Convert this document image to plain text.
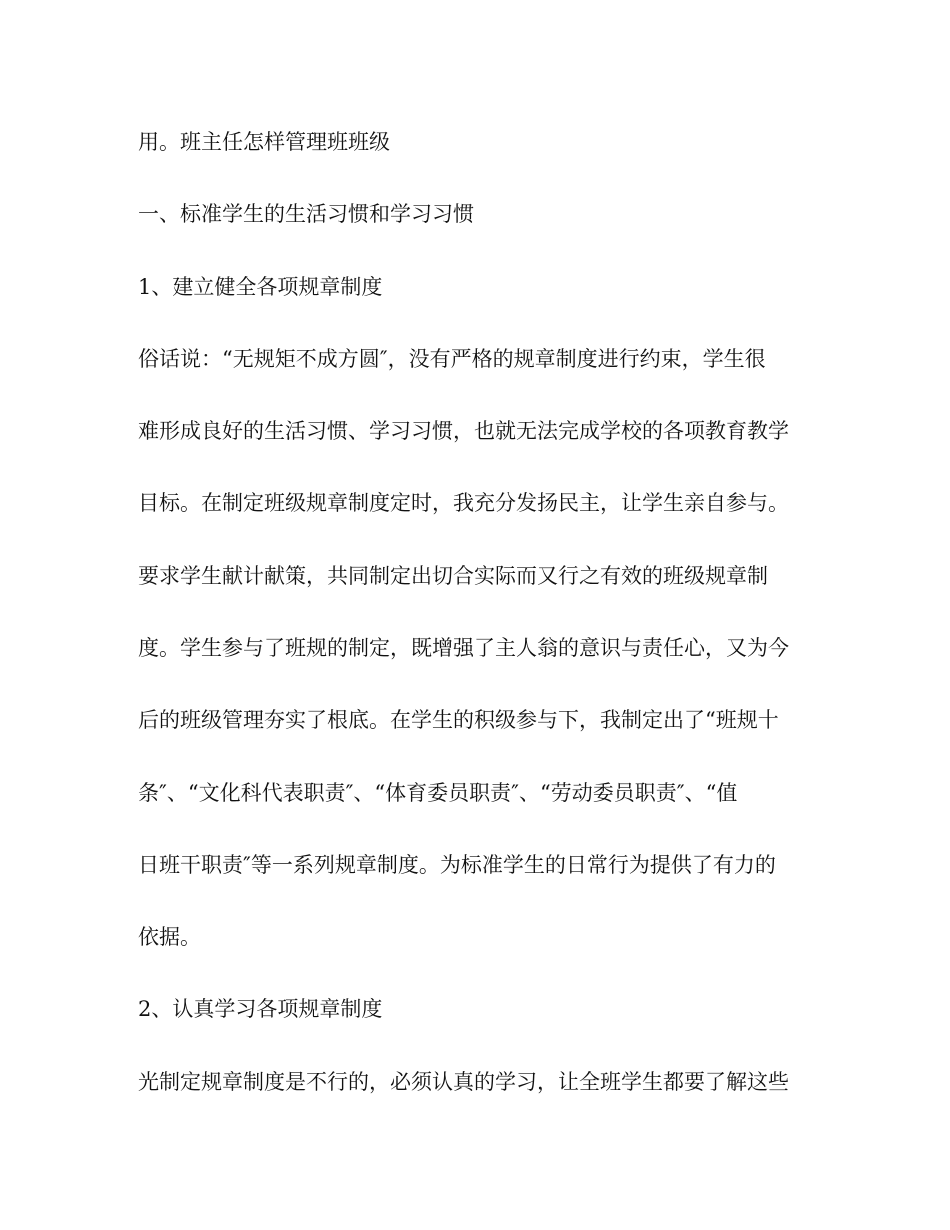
用。班主任怎样管理班班级
一、标准学生的生活习惯和学习习惯
1、建立健全各项规章制度
俗话说：“无规矩不成方圆″，没有严格的规章制度进行约束，学生很
难形成良好的生活习惯、学习习惯，也就无法完成学校的各项教育教学
目标。在制定班级规章制度定时，我充分发扬民主，让学生亲自参与。
要求学生献计献策，共同制定出切合实际而又行之有效的班级规章制
度。学生参与了班规的制定，既增强了主人翁的意识与责任心，又为今
后的班级管理夯实了根底。在学生的积级参与下，我制定出了“班规十
条″、“文化科代表职责″、“体育委员职责″、“劳动委员职责″、“值
日班干职责″等一系列规章制度。为标准学生的日常行为提供了有力的
依据。
2、认真学习各项规章制度
光制定规章制度是不行的，必须认真的学习，让全班学生都要了解这些
